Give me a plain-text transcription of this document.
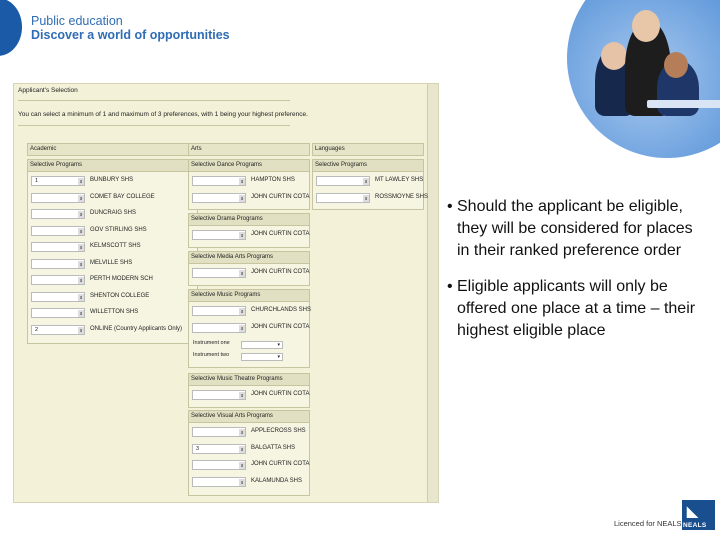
Public education
Discover a world of opportunities
Applicant's Selection
You can select a minimum of 1 and maximum of 3 preferences, with 1 being your highest preference.
Academic
Selective Programs
1	⬍ BUNBURY SHS
⬍ COMET BAY COLLEGE
⬍ DUNCRAIG SHS
⬍ GOV STIRLING SHS
⬍ KELMSCOTT SHS
⬍ MELVILLE SHS
⬍ PERTH MODERN SCH
⬍ SHENTON COLLEGE
⬍ WILLETTON SHS
2	⬍ ONLINE (Country Applicants Only)
Arts
Selective Dance Programs
⬍ HAMPTON SHS
⬍ JOHN CURTIN COTA
Selective Drama Programs
⬍ JOHN CURTIN COTA
Selective Media Arts Programs
⬍ JOHN CURTIN COTA
Selective Music Programs
⬍ CHURCHLANDS SHS
⬍ JOHN CURTIN COTA
Instrument one	▾
Instrument two	▾
Selective Music Theatre Programs
⬍ JOHN CURTIN COTA
Selective Visual Arts Programs
⬍ APPLECROSS SHS
3	⬍ BALGATTA SHS
⬍ JOHN CURTIN COTA
⬍ KALAMUNDA SHS
Languages
Selective Programs
⬍ MT LAWLEY SHS
⬍ ROSSMOYNE SHS
• Should the applicant be eligible, they will be considered for places in their ranked preference order
• Eligible applicants will only be offered one place at a time – their highest eligible place
Licenced for NEALS
◣
NEALS
